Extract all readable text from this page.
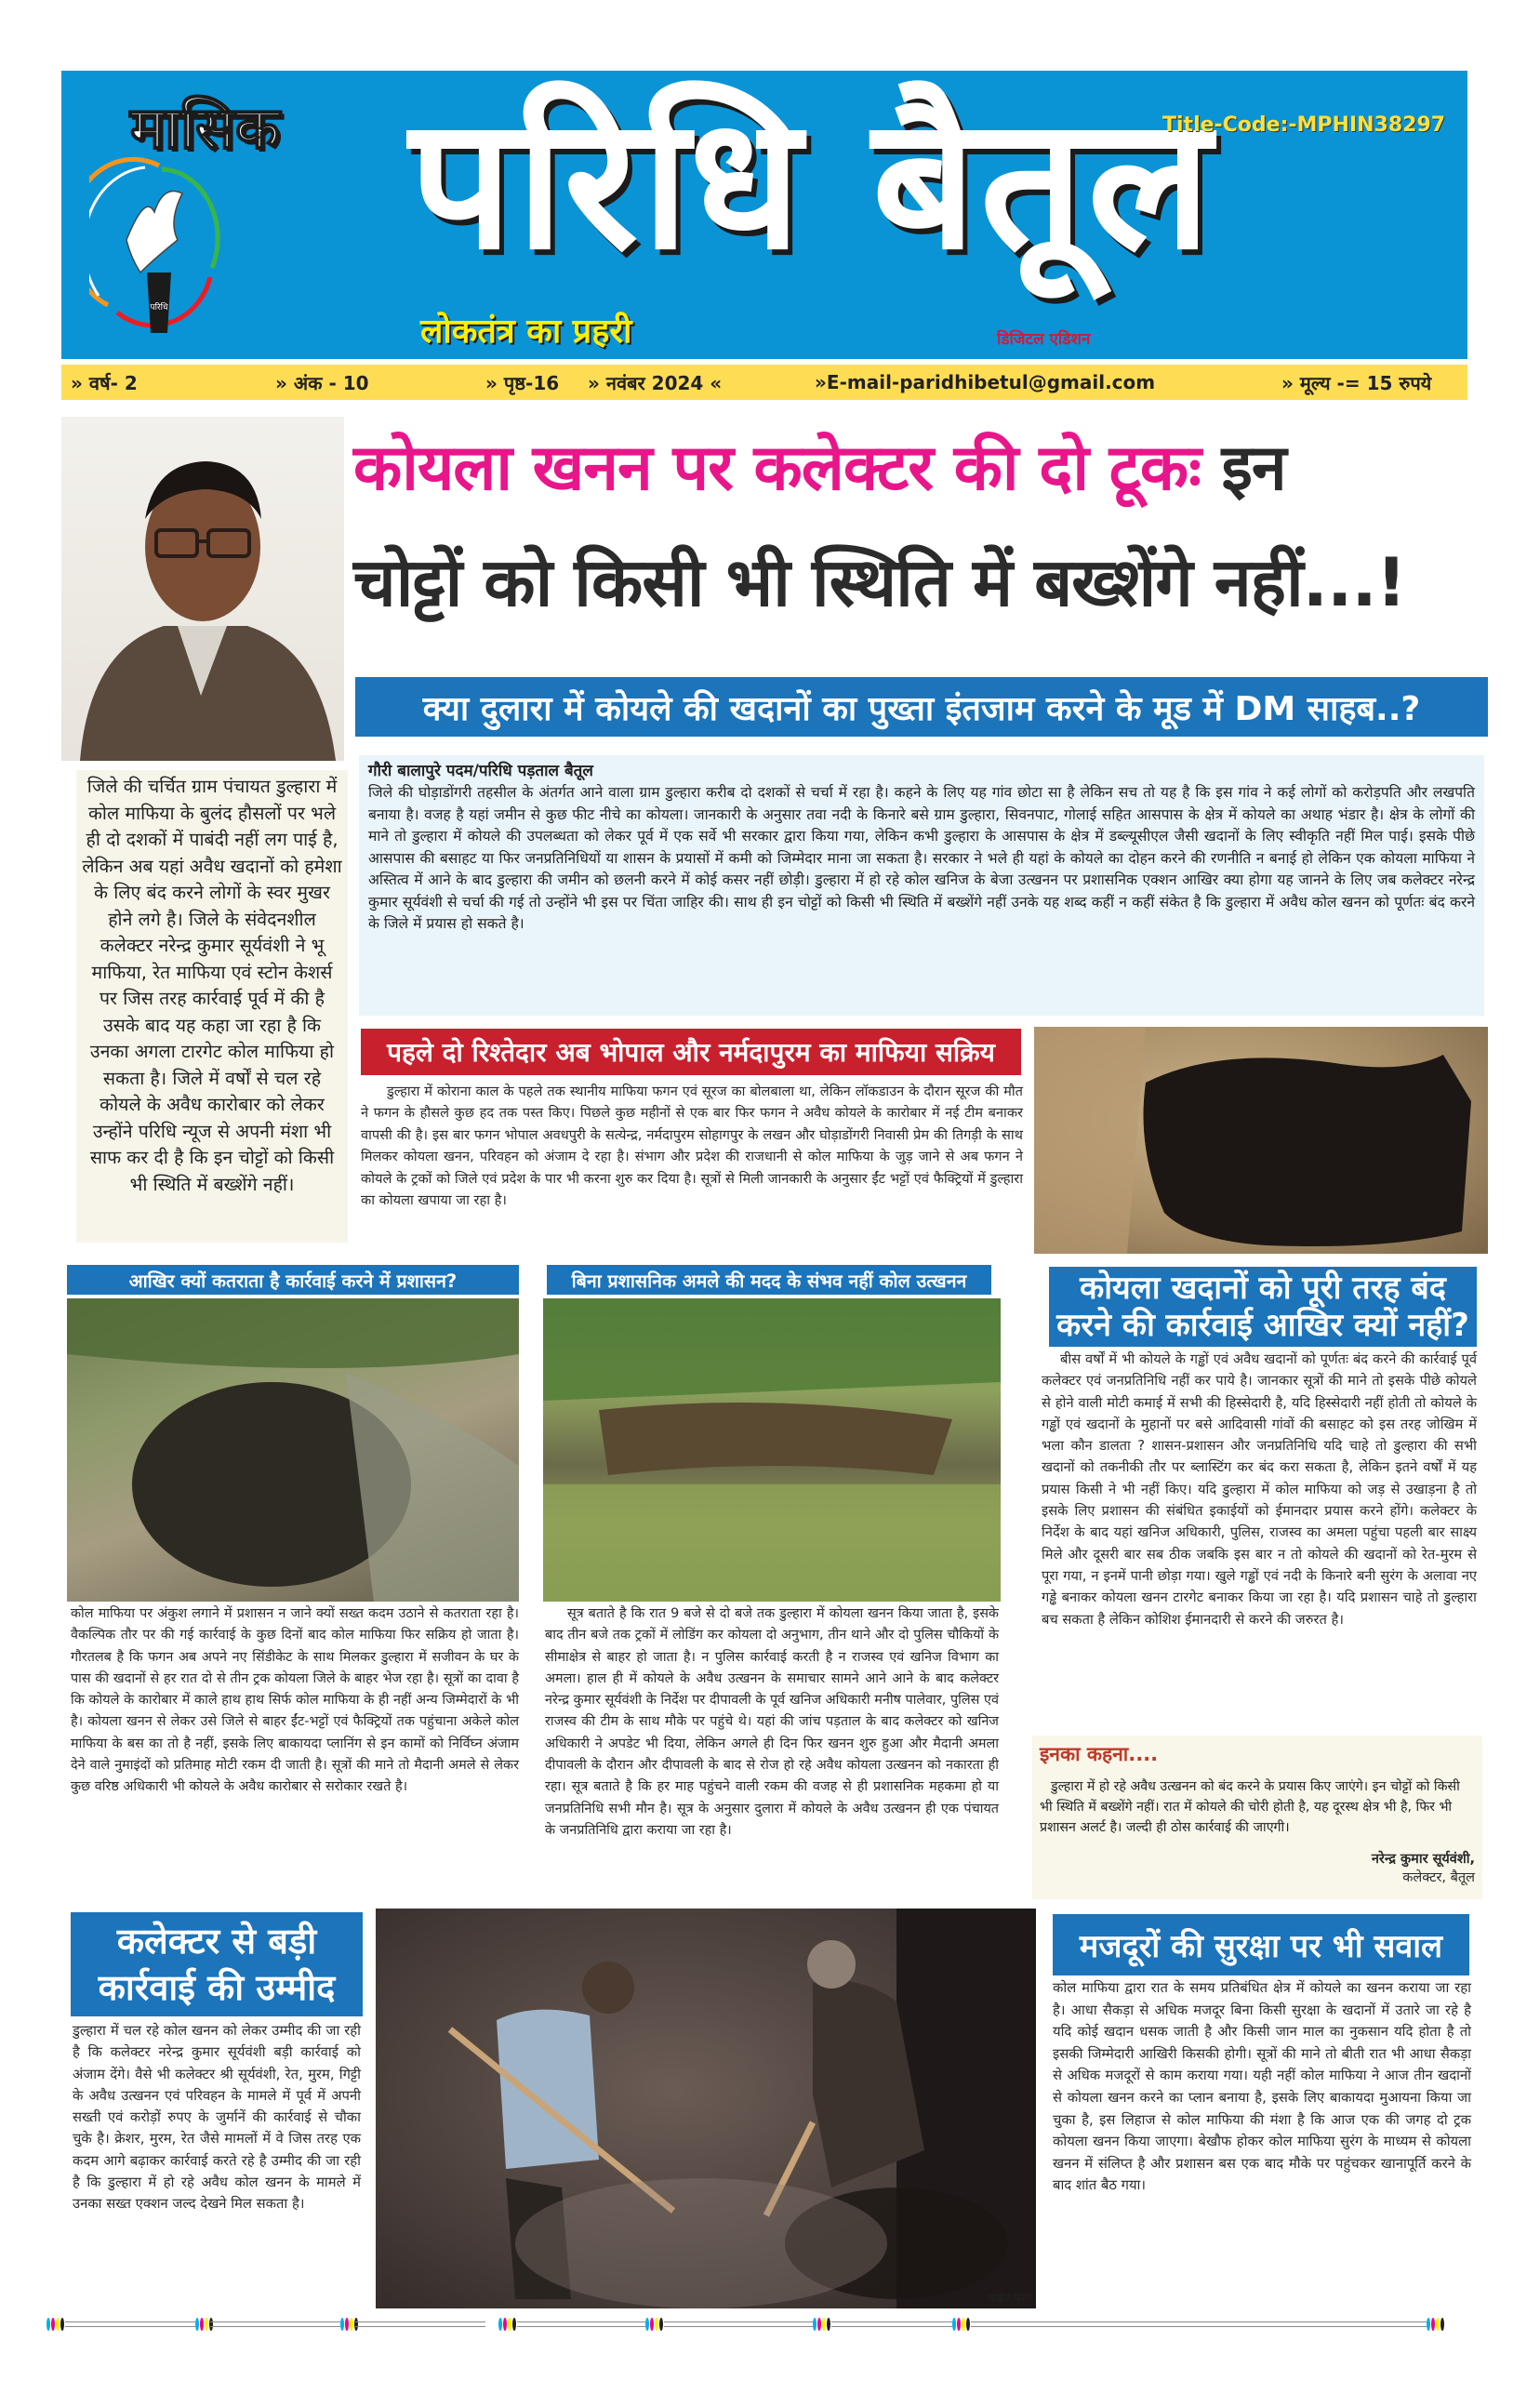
मासिक परिधि बैतूल
Title-Code:-MPHIN38297
लोकतंत्र का प्रहरी	डिजिटल एडिशन
परिधि
» वर्ष- 2	» अंक - 10	» पृष्ठ-16 » नवंबर 2024 «	»E-mail-paridhibetul@gmail.com	» मूल्य -= 15 रुपये
कोयला खनन पर कलेक्टर की दो टूकः इन
चोट्टों को किसी भी स्थिति में बख्शेंगे नहीं...!
क्या दुलारा में कोयले की खदानों का पुख्ता इंतजाम करने के मूड में DM साहब..?
जिले की चर्चित ग्राम पंचायत डुल्हारा में कोल माफिया के बुलंद हौसलों पर भले ही दो दशकों में पाबंदी नहीं लग पाई है, लेकिन अब यहां अवैध खदानों को हमेशा के लिए बंद करने लोगों के स्वर मुखर होने लगे है। जिले के संवेदनशील कलेक्टर नरेन्द्र कुमार सूर्यवंशी ने भू माफिया, रेत माफिया एवं स्टोन केशर्स पर जिस तरह कार्रवाई पूर्व में की है उसके बाद यह कहा जा रहा है कि उनका अगला टारगेट कोल माफिया हो सकता है। जिले में वर्षों से चल रहे कोयले के अवैध कारोबार को लेकर उन्होंने परिधि न्यूज से अपनी मंशा भी साफ कर दी है कि इन चोट्टों को किसी भी स्थिति में बख्शेंगे नहीं।
गौरी बालापुरे पदम/परिधि पड़ताल बैतूल
जिले की घोड़ाडोंगरी तहसील के अंतर्गत आने वाला ग्राम डुल्हारा करीब दो दशकों से चर्चा में रहा है। कहने के लिए यह गांव छोटा सा है लेकिन सच तो यह है कि इस गांव ने कई लोगों को करोड़पति और लखपति बनाया है। वजह है यहां जमीन से कुछ फीट नीचे का कोयला। जानकारी के अनुसार तवा नदी के किनारे बसे ग्राम डुल्हारा, सिवनपाट, गोलाई सहित आसपास के क्षेत्र में कोयले का अथाह भंडार है। क्षेत्र के लोगों की माने तो डुल्हारा में कोयले की उपलब्धता को लेकर पूर्व में एक सर्वे भी सरकार द्वारा किया गया, लेकिन कभी डुल्हारा के आसपास के क्षेत्र में डब्ल्यूसीएल जैसी खदानों के लिए स्वीकृति नहीं मिल पाई। इसके पीछे आसपास की बसाहट या फिर जनप्रतिनिधियों या शासन के प्रयासों में कमी को जिम्मेदार माना जा सकता है। सरकार ने भले ही यहां के कोयले का दोहन करने की रणनीति न बनाई हो लेकिन एक कोयला माफिया ने अस्तित्व में आने के बाद डुल्हारा की जमीन को छलनी करने में कोई कसर नहीं छोड़ी। डुल्हारा में हो रहे कोल खनिज के बेजा उत्खनन पर प्रशासनिक एक्शन आखिर क्या होगा यह जानने के लिए जब कलेक्टर नरेन्द्र कुमार सूर्यवंशी से चर्चा की गई तो उन्होंने भी इस पर चिंता जाहिर की। साथ ही इन चोट्टों को किसी भी स्थिति में बख्शेंगे नहीं उनके यह शब्द कहीं न कहीं संकेत है कि डुल्हारा में अवैध कोल खनन को पूर्णतः बंद करने के जिले में प्रयास हो सकते है।
पहले दो रिश्तेदार अब भोपाल और नर्मदापुरम का माफिया सक्रिय
डुल्हारा में कोराना काल के पहले तक स्थानीय माफिया फगन एवं सूरज का बोलबाला था, लेकिन लॉकडाउन के दौरान सूरज की मौत ने फगन के हौसले कुछ हद तक पस्त किए। पिछले कुछ महीनों से एक बार फिर फगन ने अवैध कोयले के कारोबार में नई टीम बनाकर वापसी की है। इस बार फगन भोपाल अवधपुरी के सत्येन्द्र, नर्मदापुरम सोहागपुर के लखन और घोड़ाडोंगरी निवासी प्रेम की तिगड़ी के साथ मिलकर कोयला खनन, परिवहन को अंजाम दे रहा है। संभाग और प्रदेश की राजधानी से कोल माफिया के जुड़ जाने से अब फगन ने कोयले के ट्रकों को जिले एवं प्रदेश के पार भी करना शुरु कर दिया है। सूत्रों से मिली जानकारी के अनुसार ईंट भट्टों एवं फैक्ट्रियों में डुल्हारा का कोयला खपाया जा रहा है।
आखिर क्यों कतराता है कार्रवाई करने में प्रशासन?	बिना प्रशासनिक अमले की मदद के संभव नहीं कोल उत्खनन
कोल माफिया पर अंकुश लगाने में प्रशासन न जाने क्यों सख्त कदम उठाने से कतराता रहा है। वैकल्पिक तौर पर की गई कार्रवाई के कुछ दिनों बाद कोल माफिया फिर सक्रिय हो जाता है। गौरतलब है कि फगन अब अपने नए सिंडीकेट के साथ मिलकर डुल्हारा में सजीवन के घर के पास की खदानों से हर रात दो से तीन ट्रक कोयला जिले के बाहर भेज रहा है। सूत्रों का दावा है कि कोयले के कारोबार में काले हाथ हाथ सिर्फ कोल माफिया के ही नहीं अन्य जिम्मेदारों के भी है। कोयला खनन से लेकर उसे जिले से बाहर ईंट-भट्टों एवं फैक्ट्रियों तक पहुंचाना अकेले कोल माफिया के बस का तो है नहीं, इसके लिए बाकायदा प्लानिंग से इन कामों को निर्विघ्न अंजाम देने वाले नुमाइंदों को प्रतिमाह मोटी रकम दी जाती है। सूत्रों की माने तो मैदानी अमले से लेकर कुछ वरिष्ठ अधिकारी भी कोयले के अवैध कारोबार से सरोकार रखते है।
सूत्र बताते है कि रात 9 बजे से दो बजे तक डुल्हारा में कोयला खनन किया जाता है, इसके बाद तीन बजे तक ट्रकों में लोडिंग कर कोयला दो अनुभाग, तीन थाने और दो पुलिस चौकियों के सीमाक्षेत्र से बाहर हो जाता है। न पुलिस कार्रवाई करती है न राजस्व एवं खनिज विभाग का अमला। हाल ही में कोयले के अवैध उत्खनन के समाचार सामने आने आने के बाद कलेक्टर नरेन्द्र कुमार सूर्यवंशी के निर्देश पर दीपावली के पूर्व खनिज अधिकारी मनीष पालेवार, पुलिस एवं राजस्व की टीम के साथ मौके पर पहुंचे थे। यहां की जांच पड़ताल के बाद कलेक्टर को खनिज अधिकारी ने अपडेट भी दिया, लेकिन अगले ही दिन फिर खनन शुरु हुआ और मैदानी अमला दीपावली के दौरान और दीपावली के बाद से रोज हो रहे अवैध कोयला उत्खनन को नकारता ही रहा। सूत्र बताते है कि हर माह पहुंचने वाली रकम की वजह से ही प्रशासनिक महकमा हो या जनप्रतिनिधि सभी मौन है। सूत्र के अनुसार दुलारा में कोयले के अवैध उत्खनन ही एक पंचायत के जनप्रतिनिधि द्वारा कराया जा रहा है।
कोयला खदानों को पूरी तरह बंद करने की कार्रवाई आखिर क्यों नहीं?
बीस वर्षों में भी कोयले के गड्ढों एवं अवैध खदानों को पूर्णतः बंद करने की कार्रवाई पूर्व कलेक्टर एवं जनप्रतिनिधि नहीं कर पाये है। जानकार सूत्रों की माने तो इसके पीछे कोयले से होने वाली मोटी कमाई में सभी की हिस्सेदारी है, यदि हिस्सेदारी नहीं होती तो कोयले के गड्ढों एवं खदानों के मुहानों पर बसे आदिवासी गांवों की बसाहट को इस तरह जोखिम में भला कौन डालता ? शासन-प्रशासन और जनप्रतिनिधि यदि चाहे तो डुल्हारा की सभी खदानों को तकनीकी तौर पर ब्लास्टिंग कर बंद करा सकता है, लेकिन इतने वर्षों में यह प्रयास किसी ने भी नहीं किए। यदि डुल्हारा में कोल माफिया को जड़ से उखाड़ना है तो इसके लिए प्रशासन की संबंधित इकाईयों को ईमानदार प्रयास करने होंगे। कलेक्टर के निर्देश के बाद यहां खनिज अधिकारी, पुलिस, राजस्व का अमला पहुंचा पहली बार साक्ष्य मिले और दूसरी बार सब ठीक जबकि इस बार न तो कोयले की खदानों को रेत-मुरम से पूरा गया, न इनमें पानी छोड़ा गया। खुले गड्ढों एवं नदी के किनारे बनी सुरंग के अलावा नए गड्ढे बनाकर कोयला खनन टारगेट बनाकर किया जा रहा है। यदि प्रशासन चाहे तो डुल्हारा बच सकता है लेकिन कोशिश ईमानदारी से करने की जरुरत है।
इनका कहना....
डुल्हारा में हो रहे अवैध उत्खनन को बंद करने के प्रयास किए जाएंगे। इन चोट्टों को किसी भी स्थिति में बख्शेंगे नहीं। रात में कोयले की चोरी होती है, यह दूरस्थ क्षेत्र भी है, फिर भी प्रशासन अलर्ट है। जल्दी ही ठोस कार्रवाई की जाएगी।
नरेन्द्र कुमार सूर्यवंशी,
कलेक्टर, बैतूल
कलेक्टर से बड़ी कार्रवाई की उम्मीद
डुल्हारा में चल रहे कोल खनन को लेकर उम्मीद की जा रही है कि कलेक्टर नरेन्द्र कुमार सूर्यवंशी बड़ी कार्रवाई को अंजाम देंगे। वैसे भी कलेक्टर श्री सूर्यवंशी, रेत, मुरम, गिट्टी के अवैध उत्खनन एवं परिवहन के मामले में पूर्व में अपनी सख्ती एवं करोड़ों रुपए के जुर्मानें की कार्रवाई से चौका चुके है। क्रेशर, मुरम, रेत जैसे मामलों में वे जिस तरह एक कदम आगे बढ़ाकर कार्रवाई करते रहे है उम्मीद की जा रही है कि डुल्हारा में हो रहे अवैध कोल खनन के मामले में उनका सख्त एक्शन जल्द देखने मिल सकता है।
फाईल फोटो
मजदूरों की सुरक्षा पर भी सवाल
कोल माफिया द्वारा रात के समय प्रतिबंधित क्षेत्र में कोयले का खनन कराया जा रहा है। आधा सैकड़ा से अधिक मजदूर बिना किसी सुरक्षा के खदानों में उतारे जा रहे है यदि कोई खदान धसक जाती है और किसी जान माल का नुकसान यदि होता है तो इसकी जिम्मेदारी आखिरी किसकी होगी। सूत्रों की माने तो बीती रात भी आधा सैकड़ा से अधिक मजदूरों से काम कराया गया। यही नहीं कोल माफिया ने आज तीन खदानों से कोयला खनन करने का प्लान बनाया है, इसके लिए बाकायदा मुआयना किया जा चुका है, इस लिहाज से कोल माफिया की मंशा है कि आज एक की जगह दो ट्रक कोयला खनन किया जाएगा। बेखौफ होकर कोल माफिया सुरंग के माध्यम से कोयला खनन में संलिप्त है और प्रशासन बस एक बाद मौके पर पहुंचकर खानापूर्ति करने के बाद शांत बैठ गया।
